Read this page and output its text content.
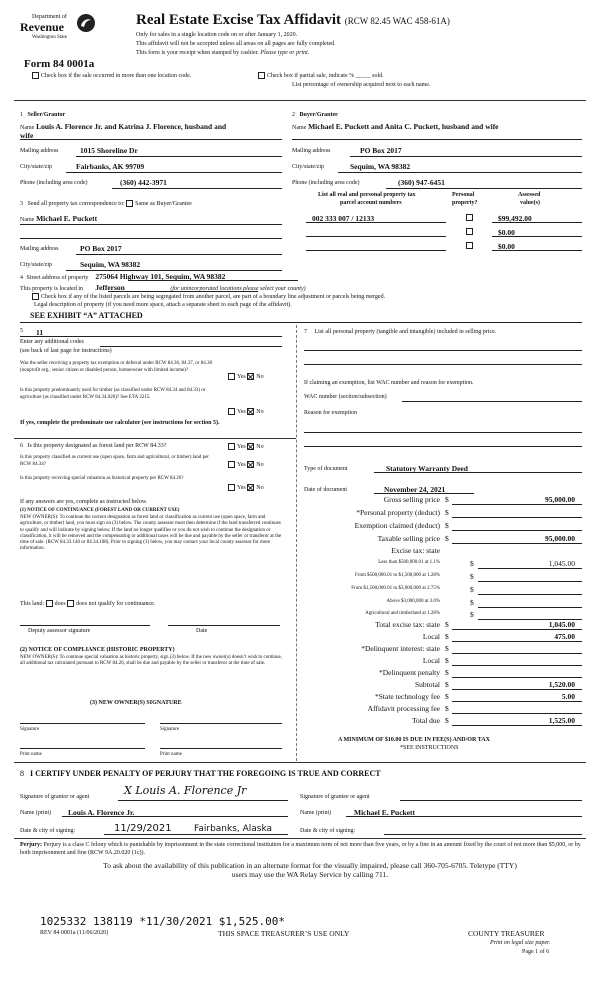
Department of
Revenue
Washington State
Real Estate Excise Tax Affidavit (RCW 82.45 WAC 458-61A)
Only for sales in a single location code on or after January 1, 2020.
This affidavit will not be accepted unless all areas on all pages are fully completed.
This form is your receipt when stamped by cashier. Please type or print.
Form 84 0001a
Check box if the sale occurred in more than one location code.	Check box if partial sale, indicate % _____ sold.
List percentage of ownership acquired next to each name.
1 Seller/Grantor
Name Louis A. Florence Jr. and Katrina J. Florence, husband and
wife
Mailing address	1015 Shoreline Dr
City/state/zip	Fairbanks, AK 99709
Phone (including area code)	(360) 442-3971
2 Buyer/Grantee
Name Michael E. Puckett and Anita C. Puckett, husband and wife
Mailing address	PO Box 2017
City/state/zip	Sequim, WA 98382
Phone (including area code)	(360) 947-6451
3 Send all property tax correspondence to: Same as Buyer/Grantee
Name Michael E. Puckett
Mailing address	PO Box 2017
City/state/zip	Sequim, WA 98382
List all real and personal property tax
parcel account numbers
Personal
property?
Assessed
value(s)
002 333 007 / 12133	$99,492.00
$0.00
$0.00
4 Street address of property 275064 Highway 101, Sequim, WA 98382
This property is located in Jefferson	(for unincorporated locations please select your county)
Check box if any of the listed parcels are being segregated from another parcel, are part of a boundary line adjustment or parcels being merged.
Legal description of property (if you need more space, attach a separate sheet to each page of the affidavit).
SEE EXHIBIT “A” ATTACHED
5 11
Enter any additional codes
(see back of last page for instructions)
Was the seller receiving a property tax exemption or deferral under RCW 84.36, 84.37, or 84.38 (nonprofit org., senior citizen or disabled person, homeowner with limited income)?
Yes No
Is this property predominantly used for timber (as classified under RCW 84.34 and 84.33) or agriculture (as classified under RCW 84.34.020)? See ETA 3215.
Yes No
If yes, complete the predominate use calculator (see instructions for section 5).
6 Is this property designated as forest land per RCW 84.33?	Yes No
Is this property classified as current use (open space, farm and agricultural, or timber) land per RCW 84.34?	Yes No
Is this property receiving special valuation as historical property per RCW 84.26?
Yes No
If any answers are yes, complete as instructed below.
(1) NOTICE OF CONTINUANCE (FOREST LAND OR CURRENT USE)
NEW OWNER(S): To continue the current designation as forest land or classification as current use (open space, farm and agriculture, or timber) land, you must sign on (3) below. The county assessor must then determine if the land transferred continues to qualify and will indicate by signing below. If the land no longer qualifies or you do not wish to continue the designation or classification, it will be removed and the compensating or additional taxes will be due and payable by the seller or transferor at the time of sale. (RCW 84.33.140 or 84.34.108). Prior to signing (3) below, you may contact your local county assessor for more information.
This land: does does not qualify for continuance.
Deputy assessor signature	Date
(2) NOTICE OF COMPLIANCE (HISTORIC PROPERTY)
NEW OWNER(S): To continue special valuation as historic property, sign (3) below. If the new owner(s) doesn’t wish to continue, all additional tax calculated pursuant to RCW 84.26, shall be due and payable by the seller or transferor at the time of sale.
(3) NEW OWNER(S) SIGNATURE
Signature	Signature
Print name	Print name
7 List all personal property (tangible and intangible) included in selling price.
If claiming an exemption, list WAC number and reason for exemption.
WAC number (section/subsection)
Reason for exemption
Type of document	Statutory Warranty Deed
Date of document	November 24, 2021
Gross selling price $	95,000.00
*Personal property (deduct) $
Exemption claimed (deduct) $
Taxable selling price $	95,000.00
Excise tax: state
Less than $500,000.01 at 1.1%	$	1,045.00
From $500,000.01 to $1,500,000 at 1.28%	$
From $1,500,000.01 to $3,000,000 at 2.75%	$
Above $3,000,000 at 3.0%	$
Agricultural and timberland at 1.28%	$
Total excise tax: state $	1,045.00
Local $	475.00
*Delinquent interest: state $
Local $
*Delinquent penalty $
Subtotal $	1,520.00
*State technology fee $	5.00
Affidavit processing fee $
Total due $	1,525.00
A MINIMUM OF $10.00 IS DUE IN FEE(S) AND/OR TAX
*SEE INSTRUCTIONS
8 I CERTIFY UNDER PENALTY OF PERJURY THAT THE FOREGOING IS TRUE AND CORRECT
Signature of grantor or agent	X Louis A. Florence Jr	Signature of grantee or agent
Name (print) Louis A. Florence Jr.	Name (print)	Michael E. Puckett
Date & city of signing:	11/29/2021 Fairbanks, Alaska	Date & city of signing:
Perjury: Perjury is a class C felony which is punishable by imprisonment in the state correctional institution for a maximum term of not more than five years, or by a fine in an amount fixed by the court of not more than $5,000, or by both imprisonment and fine (RCW 9A.20.020 (1c)).
To ask about the availability of this publication in an alternate format for the visually impaired, please call 360-705-6705. Teletype (TTY) users may use the WA Relay Service by calling 711.
1025332 138119 *11/30/2021 $1,525.00*
REV 84 0001a (11/06/2020)	THIS SPACE TREASURER’S USE ONLY	COUNTY TREASURER
Print on legal size paper.
Page 1 of 6
